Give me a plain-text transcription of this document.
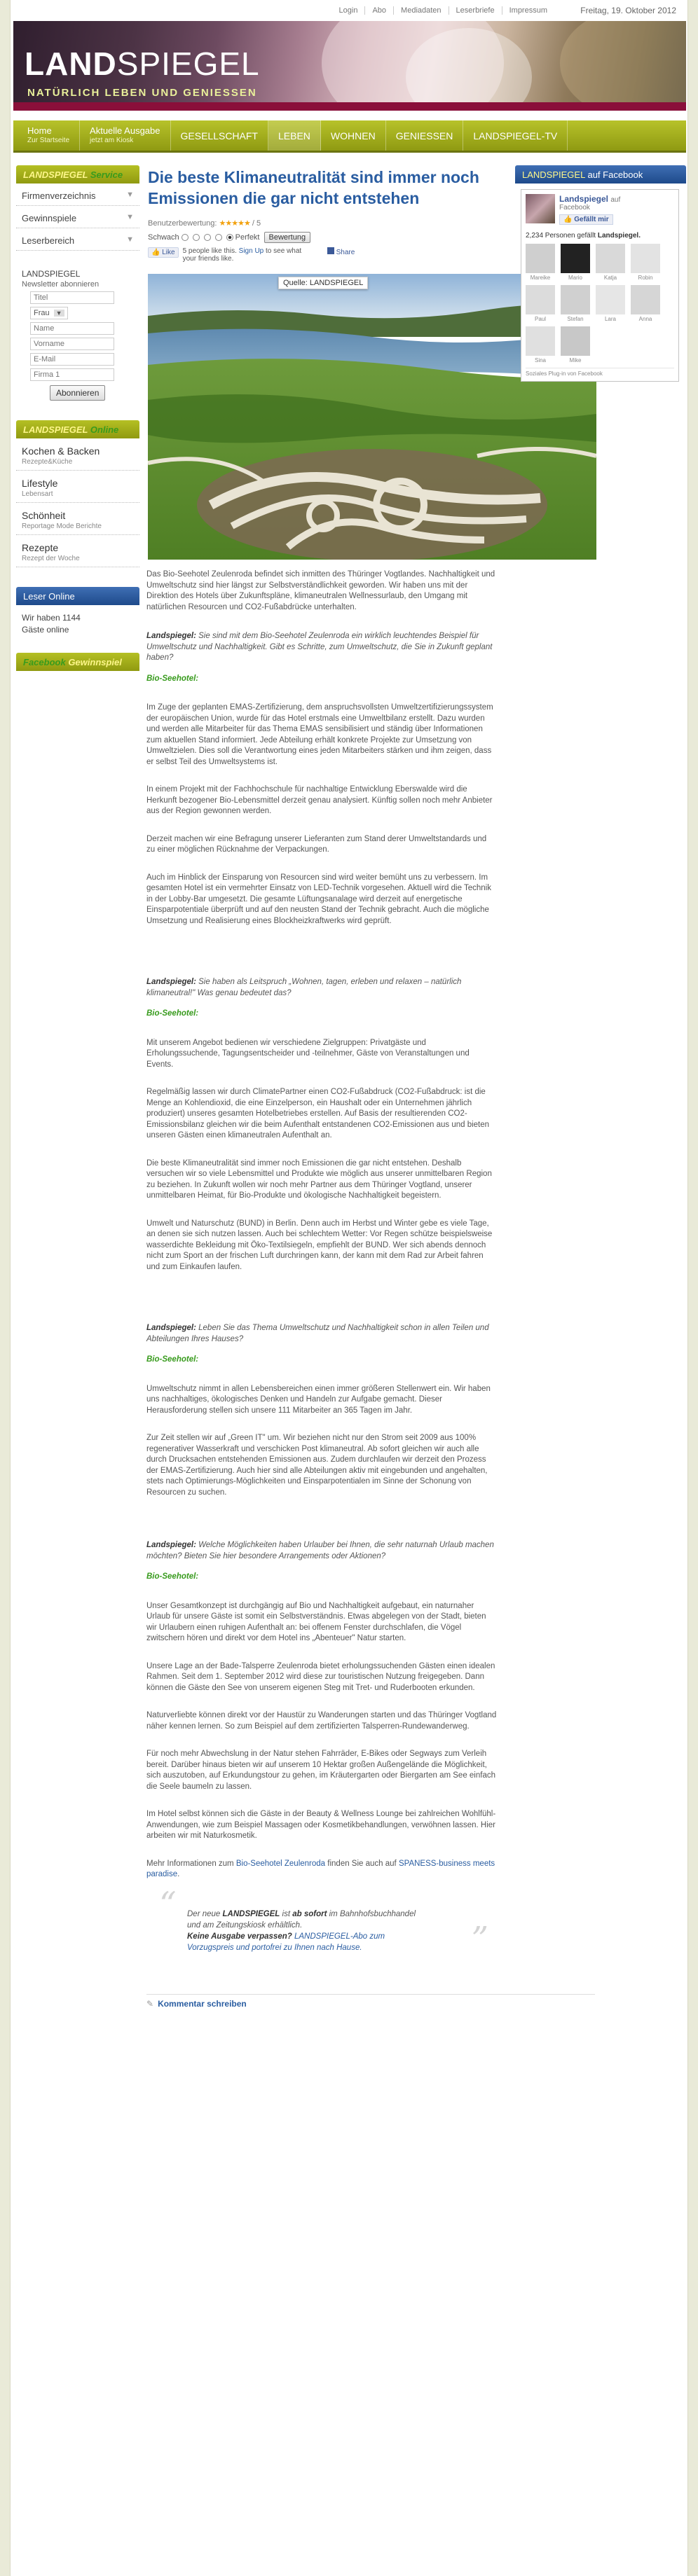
Login	Abo	Mediadaten	Leserbriefe	Impressum	Freitag, 19. Oktober 2012
LANDSPIEGEL
NATÜRLICH LEBEN UND GENIESSEN
Home
Zur Startseite
Aktuelle Ausgabe
jetzt am Kiosk	GESELLSCHAFT	LEBEN	WOHNEN	GENIESSEN	LANDSPIEGEL-TV
LANDSPIEGEL Service
Firmenverzeichnis	▼
Gewinnspiele	▼
Leserbereich	▼
LANDSPIEGEL
Newsletter abonnieren
Titel
Frau	▼
Name
Vorname
E-Mail
Firma 1 Abonnieren
LANDSPIEGEL Online
Kochen & Backen
Rezepte&Küche
Lifestyle
Lebensart
Schönheit
Reportage Mode Berichte
Rezepte
Rezept der Woche
Leser Online
Wir haben 1144
Gäste online
Facebook Gewinnspiel
Die beste Klimaneutralität sind immer noch Emissionen die gar nicht entstehen
Benutzerbewertung: ★★★★★ / 5
Schwach	Perfekt	Bewertung
👍 Like	5 people like this. Sign Up to see what your friends like.
Share
Quelle: LANDSPIEGEL

Das Bio-Seehotel Zeulenroda befindet sich inmitten des Thüringer Vogtlandes. Nachhaltigkeit und Umweltschutz sind hier längst zur Selbstverständlichkeit geworden. Wir haben uns mit der Direktion des Hotels über Zukunftspläne, klimaneutralen Wellnessurlaub, den Umgang mit natürlichen Resourcen und CO2-Fußabdrücke unterhalten.

Landspiegel: Sie sind mit dem Bio-Seehotel Zeulenroda ein wirklich leuchtendes Beispiel für Umweltschutz und Nachhaltigkeit. Gibt es Schritte, zum Umweltschutz, die Sie in Zukunft geplant haben?

Bio-Seehotel:

Im Zuge der geplanten EMAS-Zertifizierung, dem anspruchsvollsten Umweltzertifizierungssystem der europäischen Union, wurde für das Hotel erstmals eine Umweltbilanz erstellt. Dazu wurden und werden alle Mitarbeiter für das Thema EMAS sensibilisiert und ständig über Informationen zum aktuellen Stand informiert. Jede Abteilung erhält konkrete Projekte zur Umsetzung von Umweltzielen. Dies soll die Verantwortung eines jeden Mitarbeiters stärken und ihm zeigen, dass er selbst Teil des Umweltsystems ist.

In einem Projekt mit der Fachhochschule für nachhaltige Entwicklung Eberswalde wird die Herkunft bezogener Bio-Lebensmittel derzeit genau analysiert. Künftig sollen noch mehr Anbieter aus der Region gewonnen werden.

Derzeit machen wir eine Befragung unserer Lieferanten zum Stand derer Umweltstandards und zu einer möglichen Rücknahme der Verpackungen.

Auch im Hinblick der Einsparung von Resourcen sind wird weiter bemüht uns zu verbessern. Im gesamten Hotel ist ein vermehrter Einsatz von LED-Technik vorgesehen. Aktuell wird die Technik in der Lobby-Bar umgesetzt. Die gesamte Lüftungsanalage wird derzeit auf energetische Einsparpotentiale überprüft und auf den neusten Stand der Technik gebracht. Auch die mögliche Umsetzung und Realisierung eines Blockheizkraftwerks wird geprüft.

Landspiegel: Sie haben als Leitspruch „Wohnen, tagen, erleben und relaxen – natürlich klimaneutral!" Was genau bedeutet das?

Bio-Seehotel:

Mit unserem Angebot bedienen wir verschiedene Zielgruppen: Privatgäste und Erholungssuchende, Tagungsentscheider und -teilnehmer, Gäste von Veranstaltungen und Events.

Regelmäßig lassen wir durch ClimatePartner einen CO2-Fußabdruck (CO2-Fußabdruck: ist die Menge an Kohlendioxid, die eine Einzelperson, ein Haushalt oder ein Unternehmen jährlich produziert) unseres gesamten Hotelbetriebes erstellen. Auf Basis der resultierenden CO2-Emissionsbilanz gleichen wir die beim Aufenthalt entstandenen CO2-Emissionen aus und bieten unseren Gästen einen klimaneutralen Aufenthalt an.

Die beste Klimaneutralität sind immer noch Emissionen die gar nicht entstehen. Deshalb versuchen wir so viele Lebensmittel und Produkte wie möglich aus unserer unmittelbaren Region zu beziehen. In Zukunft wollen wir noch mehr Partner aus dem Thüringer Vogtland, unserer unmittelbaren Heimat, für Bio-Produkte und ökologische Nachhaltigkeit begeistern.

Umwelt und Naturschutz (BUND) in Berlin. Denn auch im Herbst und Winter gebe es viele Tage, an denen sie sich nutzen lassen. Auch bei schlechtem Wetter: Vor Regen schütze beispielsweise wasserdichte Bekleidung mit Öko-Textilsiegeln, empfiehlt der BUND. Wer sich abends dennoch nicht zum Sport an der frischen Luft durchringen kann, der kann mit dem Rad zur Arbeit fahren und zum Einkaufen laufen.

Landspiegel: Leben Sie das Thema Umweltschutz und Nachhaltigkeit schon in allen Teilen und Abteilungen Ihres Hauses?

Bio-Seehotel:

Umweltschutz nimmt in allen Lebensbereichen einen immer größeren Stellenwert ein. Wir haben uns nachhaltiges, ökologisches Denken und Handeln zur Aufgabe gemacht. Dieser Herausforderung stellen sich unsere 111 Mitarbeiter an 365 Tagen im Jahr.

Zur Zeit stellen wir auf „Green IT" um. Wir beziehen nicht nur den Strom seit 2009 aus 100% regenerativer Wasserkraft und verschicken Post klimaneutral. Ab sofort gleichen wir auch alle durch Drucksachen entstehenden Emissionen aus. Zudem durchlaufen wir derzeit den Prozess der EMAS-Zertifizierung. Auch hier sind alle Abteilungen aktiv mit eingebunden und angehalten, stets nach Optimierungs-Möglichkeiten und Einsparpotentialen im Sinne der Schonung von Resourcen zu suchen.

Landspiegel: Welche Möglichkeiten haben Urlauber bei Ihnen, die sehr naturnah Urlaub machen möchten? Bieten Sie hier besondere Arrangements oder Aktionen?

Bio-Seehotel:

Unser Gesamtkonzept ist durchgängig auf Bio und Nachhaltigkeit aufgebaut, ein naturnaher Urlaub für unsere Gäste ist somit ein Selbstverständnis. Etwas abgelegen von der Stadt, bieten wir Urlaubern einen ruhigen Aufenthalt an: bei offenem Fenster durchschlafen, die Vögel zwitschern hören und direkt vor dem Hotel ins „Abenteuer" Natur starten.

Unsere Lage an der Bade-Talsperre Zeulenroda bietet erholungssuchenden Gästen einen idealen Rahmen. Seit dem 1. September 2012 wird diese zur touristischen Nutzung freigegeben. Dann können die Gäste den See von unserem eigenen Steg mit Tret- und Ruderbooten erkunden.

Naturverliebte können direkt vor der Haustür zu Wanderungen starten und das Thüringer Vogtland näher kennen lernen. So zum Beispiel auf dem zertifizierten Talsperren-Rundewanderweg.

Für noch mehr Abwechslung in der Natur stehen Fahrräder, E-Bikes oder Segways zum Verleih bereit. Darüber hinaus bieten wir auf unserem 10 Hektar großen Außengelände die Möglichkeit, sich auszutoben, auf Erkundungstour zu gehen, im Kräutergarten oder Biergarten am See einfach die Seele baumeln zu lassen.

Im Hotel selbst können sich die Gäste in der Beauty & Wellness Lounge bei zahlreichen Wohlfühl-Anwendungen, wie zum Beispiel Massagen oder Kosmetikbehandlungen, verwöhnen lassen. Hier arbeiten wir mit Naturkosmetik.

Mehr Informationen zum Bio-Seehotel Zeulenroda finden Sie auch auf SPANESS-business meets paradise.

“ Der neue LANDSPIEGEL ist ab sofort im Bahnhofsbuchhandel
und am Zeitungskiosk erhältlich.
Keine Ausgabe verpassen? LANDSPIEGEL-Abo zum
Vorzugspreis und portofrei zu Ihnen nach Hause.	”
✎ Kommentar schreiben
LANDSPIEGEL auf Facebook
Landspiegel auf
Facebook
👍 Gefällt mir
2,234 Personen gefällt Landspiegel.
Mareike	Mario	Katja	Robin
Paul	Stefan	Lara	Anna
Sina	Mike
Soziales Plug-in von Facebook
